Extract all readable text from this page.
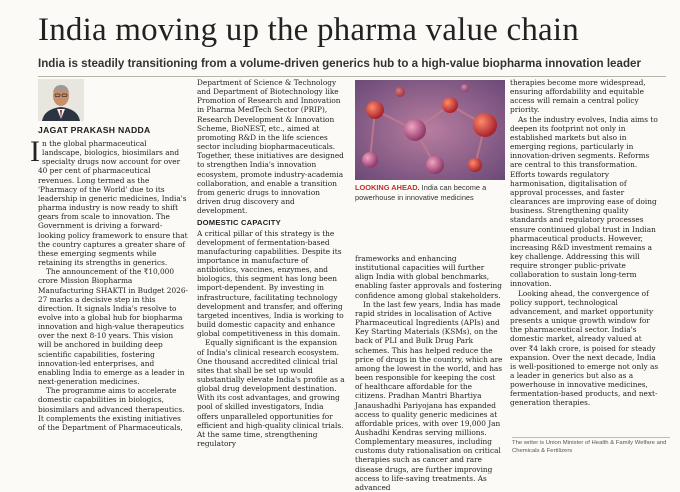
India moving up the pharma value chain
India is steadily transitioning from a volume-driven generics hub to a high-value biopharma innovation leader
JAGAT PRAKASH NADDA

In the global pharmaceutical landscape, biologics, biosimilars and specialty drugs now account for over 40 per cent of pharmaceutical revenues. Long termed as the 'Pharmacy of the World' due to its leadership in generic medicines, India's pharma industry is now ready to shift gears from scale to innovation. The Government is driving a forward-looking policy framework to ensure that the country captures a greater share of these emerging segments while retaining its strengths in generics.

The announcement of the ₹10,000 crore Mission Biopharma Manufacturing SHAKTI in Budget 2026-27 marks a decisive step in this direction. It signals India's resolve to evolve into a global hub for biopharma innovation and high-value therapeutics over the next 8-10 years. This vision will be anchored in building deep scientific capabilities, fostering innovation-led enterprises, and enabling India to emerge as a leader in next-generation medicines.

The programme aims to accelerate domestic capabilities in biologics, biosimilars and advanced therapeutics. It complements the existing initiatives of the Department of Pharmaceuticals,

Department of Science & Technology and Department of Biotechnology like Promotion of Research and Innovation in Pharma MedTech Sector (PRIP), Research Development & Innovation Scheme, BioNEST, etc., aimed at promoting R&D in the life sciences sector including biopharmaceuticals. Together, these initiatives are designed to strengthen India's innovation ecosystem, promote industry-academia collaboration, and enable a transition from generic drugs to innovation driven drug discovery and development.

DOMESTIC CAPACITY

A critical pillar of this strategy is the development of fermentation-based manufacturing capabilities. Despite its importance in manufacture of antibiotics, vaccines, enzymes, and biologics, this segment has long been import-dependent. By investing in infrastructure, facilitating technology development and transfer, and offering targeted incentives, India is working to build domestic capacity and enhance global competitiveness in this domain.

Equally significant is the expansion of India's clinical research ecosystem. One thousand accredited clinical trial sites that shall be set up would substantially elevate India's profile as a global drug development destination. With its cost advantages, and growing pool of skilled investigators, India offers unparalleled opportunities for efficient and high-quality clinical trials. At the same time, strengthening regulatory

LOOKING AHEAD. India can become a powerhouse in innovative medicines

frameworks and enhancing institutional capacities will further align India with global benchmarks, enabling faster approvals and fostering confidence among global stakeholders.

In the last few years, India has made rapid strides in localisation of Active Pharmaceutical Ingredients (APIs) and Key Starting Materials (KSMs), on the back of PLI and Bulk Drug Park schemes. This has helped reduce the price of drugs in the country, which are among the lowest in the world, and has been responsible for keeping the cost of healthcare affordable for the citizens. Pradhan Mantri Bhartiya Janaushadhi Pariyojana has expanded access to quality generic medicines at affordable prices, with over 19,000 Jan Aushadhi Kendras serving millions. Complementary measures, including customs duty rationalisation on critical therapies such as cancer and rare disease drugs, are further improving access to life-saving treatments. As advanced

therapies become more widespread, ensuring affordability and equitable access will remain a central policy priority.

As the industry evolves, India aims to deepen its footprint not only in established markets but also in emerging regions, particularly in innovation-driven segments. Reforms are central to this transformation. Efforts towards regulatory harmonisation, digitalisation of approval processes, and faster clearances are improving ease of doing business. Strengthening quality standards and regulatory processes ensure continued global trust in Indian pharmaceutical products. However, increasing R&D investment remains a key challenge. Addressing this will require stronger public-private collaboration to sustain long-term innovation.

Looking ahead, the convergence of policy support, technological advancement, and market opportunity presents a unique growth window for the pharmaceutical sector. India's domestic market, already valued at over ₹4 lakh crore, is poised for steady expansion. Over the next decade, India is well-positioned to emerge not only as a leader in generics but also as a powerhouse in innovative medicines, fermentation-based products, and next-generation therapies.

The writer is Union Minister of Health & Family Welfare and Chemicals & Fertilizers
